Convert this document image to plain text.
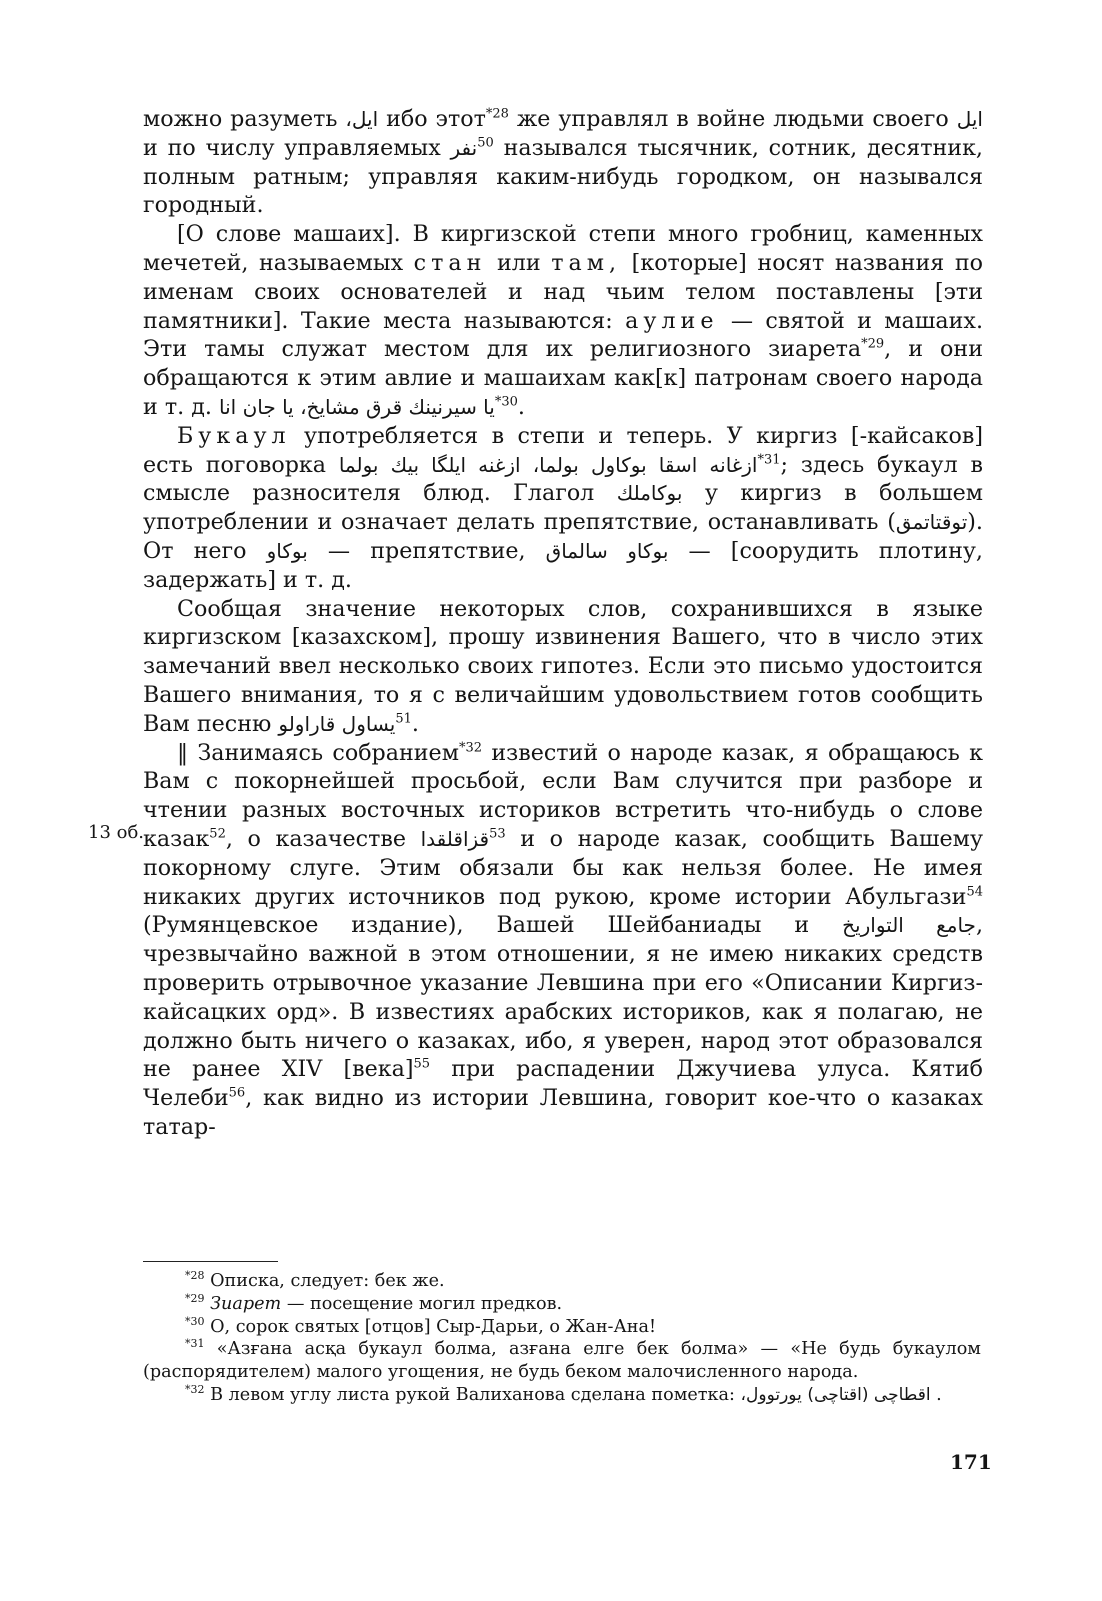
13 об.

можно разуметь ایل، ибо этот$^{*28}$ же управлял в войне людьми своего ایل и по числу управляемых نفر$^{50}$ назывался тысячник, сотник, десятник, полным ратным; управляя каким-нибудь городком, он назывался городный.

[О слове машаих]. В киргизской степи много гробниц, каменных мечетей, называемых стан или там, [которые] носят названия по именам своих основателей и над чьим телом поставлены [эти памятники]. Такие места называются: аулие — святой и машаих. Эти тамы служат местом для их религиозного зиарета$^{*29}$, и они обращаются к этим авлие и машаихам как[к] патронам своего народа и т. д. یا سیرنینك قرق مشایخ، یا جان انا$^{*30}$.

Букаул употребляется в степи и теперь. У киргиз [-кайсаков] есть поговорка ازغانه اسقا بوکاول بولما، ازغنه ایلگا بیك بولما$^{*31}$; здесь букаул в смысле разносителя блюд. Глагол بوکاملك у киргиз в большем употреблении и означает делать препятствие, останавливать (توقتاتمق). От него بوکاو — препятствие, بوکاو سالماق — [соорудить плотину, задержать] и т. д.

Сообщая значение некоторых слов, сохранившихся в языке киргизском [казахском], прошу извинения Вашего, что в число этих замечаний ввел несколько своих гипотез. Если это письмо удостоится Вашего внимания, то я с величайшим удовольствием готов сообщить Вам песню یساول قاراولو$^{51}$.

‖ Занимаясь собранием$^{*32}$ известий о народе казак, я обращаюсь к Вам с покорнейшей просьбой, если Вам случится при разборе и чтении разных восточных историков встретить что-нибудь о слове казак$^{52}$, о казачестве قزاقلقدا$^{53}$ и о народе казак, сообщить Вашему покорному слуге. Этим обязали бы как нельзя более. Не имея никаких других источников под рукою, кроме истории Абульгази$^{54}$ (Румянцевское издание), Вашей Шейбаниады и جامع التواریخ, чрезвычайно важной в этом отношении, я не имею никаких средств проверить отрывочное указание Левшина при его «Описании Киргиз-кайсацких орд». В известиях арабских историков, как я полагаю, не должно быть ничего о казаках, ибо, я уверен, народ этот образовался не ранее XIV [века]$^{55}$ при распадении Джучиева улуса. Кятиб Челеби$^{56}$, как видно из истории Левшина, говорит кое-что о казаках татар-

$^{*28}$ Описка, следует: бек же.

$^{*29}$ Зиарет — посещение могил предков.

$^{*30}$ О, сорок святых [отцов] Сыр-Дарьи, о Жан-Ана!

$^{*31}$ «Азғана асқа букаул болма, азғана елге бек болма» — «Не будь букаулом (распорядителем) малого угощения, не будь беком малочисленного народа.

$^{*32}$ В левом углу листа рукой Валиханова сделана пометка: یورتوول، اقطاچی (اقتاچی) .

171
